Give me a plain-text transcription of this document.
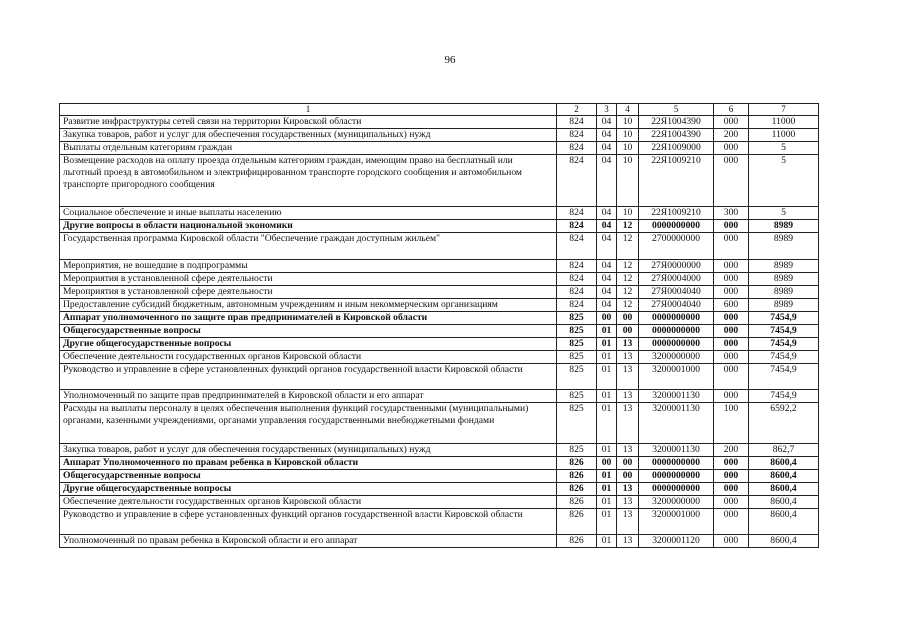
96
1	2	3	4	5	6	7
Развитие инфраструктуры сетей связи на территории Кировской области	824	04	10	22Я1004390	000	11000
Закупка товаров, работ и услуг для обеспечения государственных (муниципальных) нужд	824	04	10	22Я1004390	200	11000
Выплаты отдельным категориям граждан	824	04	10	22Я1009000	000	5
Возмещение расходов на оплату проезда отдельным категориям граждан, имеющим право на бесплатный или льготный проезд в автомобильном и электрифицированном транспорте городского сообщения и автомобильном транспорте пригородного сообщения	824	04	10	22Я1009210	000	5
Социальное обеспечение и иные выплаты населению	824	04	10	22Я1009210	300	5
Другие вопросы в области национальной экономики	824	04	12	0000000000	000	8989
Государственная программа Кировской области "Обеспечение граждан доступным жильем"	824	04	12	2700000000	000	8989
Мероприятия, не вошедшие в подпрограммы	824	04	12	27Я0000000	000	8989
Мероприятия в установленной сфере деятельности	824	04	12	27Я0004000	000	8989
Мероприятия в установленной сфере деятельности	824	04	12	27Я0004040	000	8989
Предоставление субсидий бюджетным, автономным учреждениям и иным некоммерческим организациям	824	04	12	27Я0004040	600	8989
Аппарат уполномоченного по защите прав предпринимателей в Кировской области	825	00	00	0000000000	000	7454,9
Общегосударственные вопросы	825	01	00	0000000000	000	7454,9
Другие общегосударственные вопросы	825	01	13	0000000000	000	7454,9
Обеспечение деятельности государственных органов Кировской области	825	01	13	3200000000	000	7454,9
Руководство и управление в сфере установленных функций органов государственной власти Кировской области	825	01	13	3200001000	000	7454,9
Уполномоченный по защите прав предпринимателей в Кировской области и его аппарат	825	01	13	3200001130	000	7454,9
Расходы на выплаты персоналу в целях обеспечения выполнения функций государственными (муниципальными) органами, казенными учреждениями, органами управления государственными внебюджетными фондами	825	01	13	3200001130	100	6592,2
Закупка товаров, работ и услуг для обеспечения государственных (муниципальных) нужд	825	01	13	3200001130	200	862,7
Аппарат Уполномоченного по правам ребенка в Кировской области	826	00	00	0000000000	000	8600,4
Общегосударственные вопросы	826	01	00	0000000000	000	8600,4
Другие общегосударственные вопросы	826	01	13	0000000000	000	8600,4
Обеспечение деятельности государственных органов Кировской области	826	01	13	3200000000	000	8600,4
Руководство и управление в сфере установленных функций органов государственной власти Кировской области	826	01	13	3200001000	000	8600,4
Уполномоченный по правам ребенка в Кировской области и его аппарат	826	01	13	3200001120	000	8600,4
